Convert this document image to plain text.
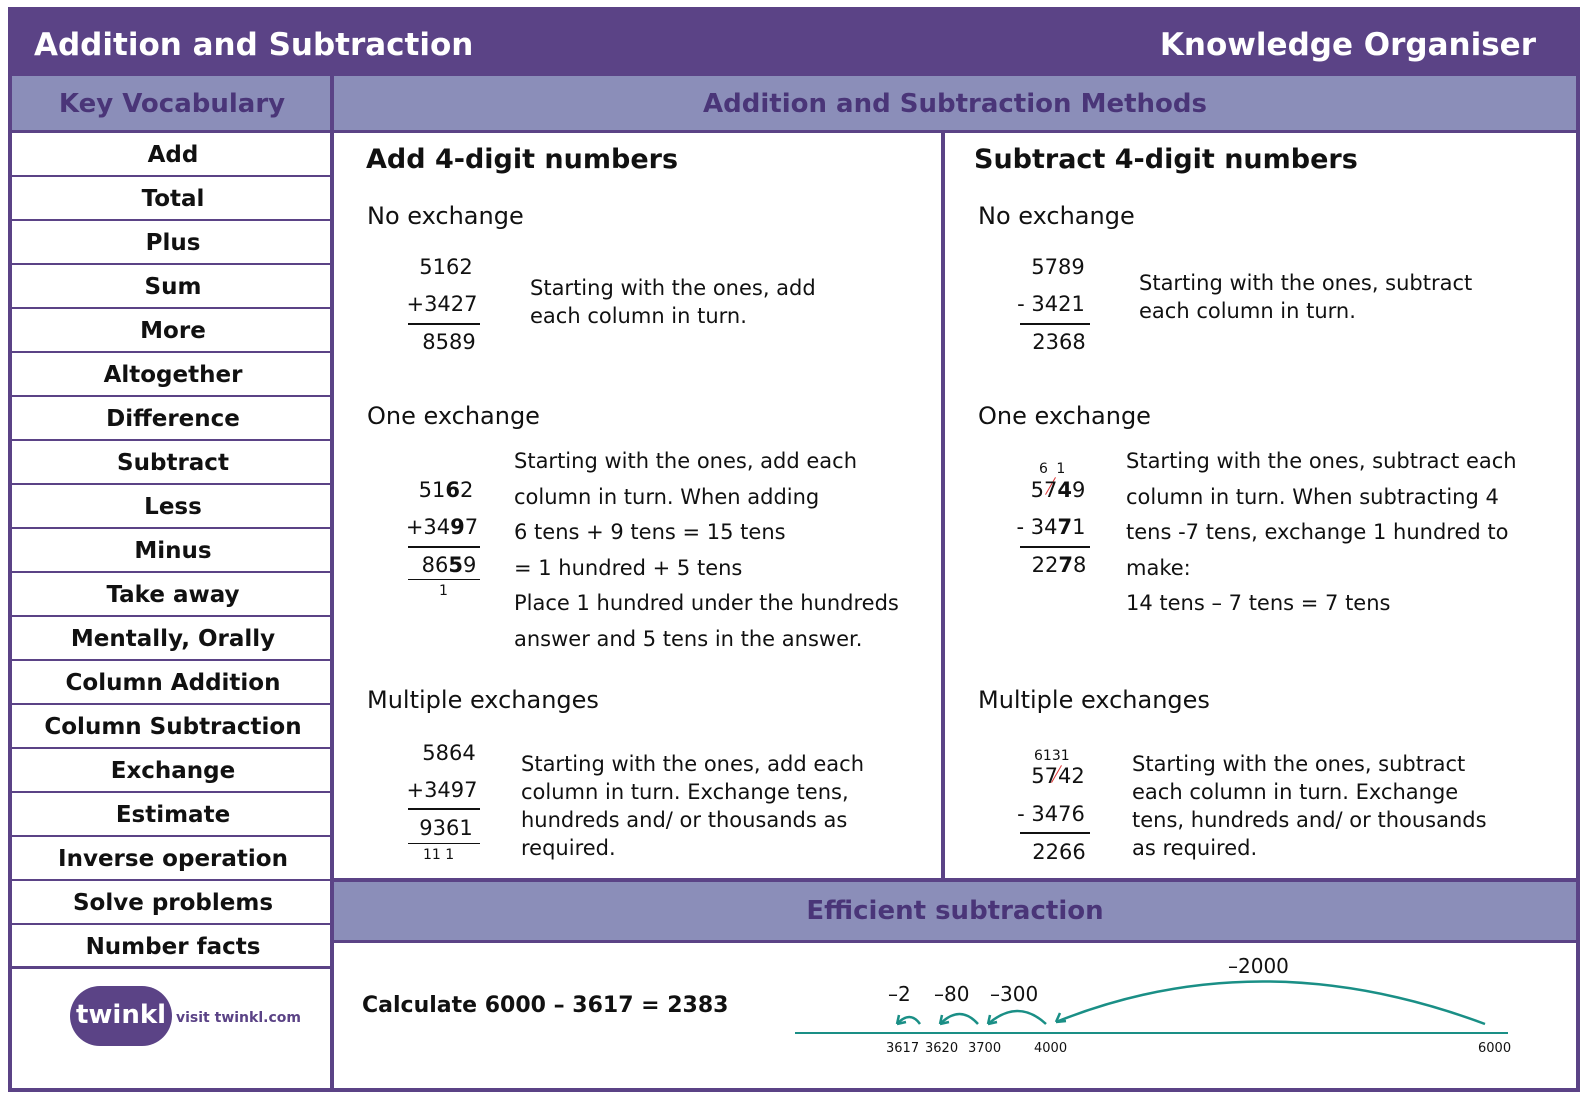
Addition and Subtraction	Knowledge Organiser
Key Vocabulary	Addition and Subtraction Methods
Efficient subtraction
Add
Total
Plus
Sum
More
Altogether
Difference
Subtract
Less
Minus
Take away
Mentally, Orally
Column Addition
Column Subtraction
Exchange
Estimate
Inverse operation
Solve problems
Number facts
twinkl visit twinkl.com
Add 4-digit numbers
No exchange
5162
+3427
8589
Starting with the ones, add each column in turn.
One exchange
5162
+3497
8659
1

Starting with the ones, add each

column in turn. When adding

6 tens + 9 tens = 15 tens

= 1 hundred + 5 tens

Place 1 hundred under the hundreds

answer and 5 tens in the answer.

Multiple exchanges
5864
+3497
9361
11 1
Starting with the ones, add each column in turn. Exchange tens, hundreds and/ or thousands as required.
Subtract 4-digit numbers
No exchange
5789
- 3421
2368
Starting with the ones, subtract each column in turn.
One exchange
6 1
5749
- 3471
2278

Starting with the ones, subtract each

column in turn. When subtracting 4

tens -7 tens, exchange 1 hundred to

make:

14 tens – 7 tens = 7 tens

Multiple exchanges
6131
5742
- 3476
2266
Starting with the ones, subtract each column in turn. Exchange tens, hundreds and/ or thousands as required.
Calculate 6000 – 3617 = 2383	–2 –80 –300
–2000
3617 3620 3700	4000	6000
